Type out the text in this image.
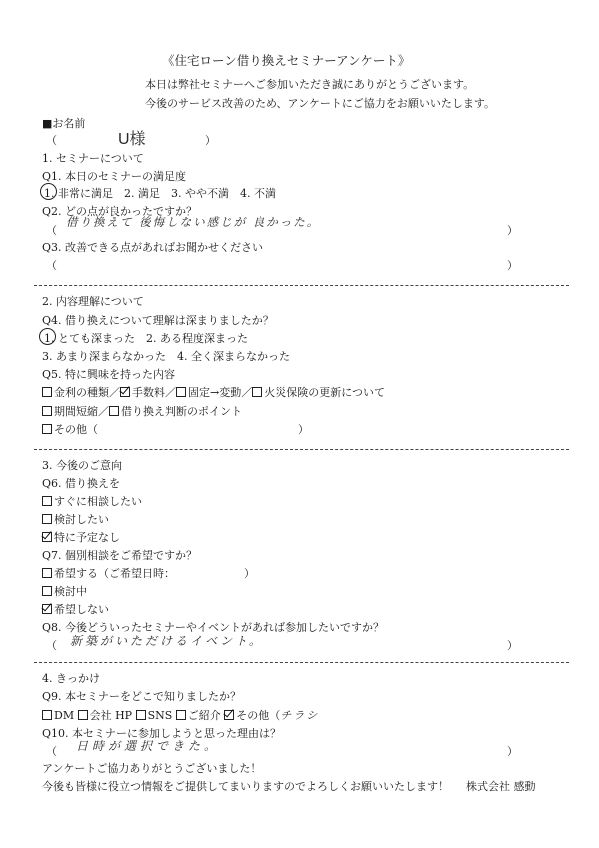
《住宅ローン借り換えセミナーアンケート》
本日は弊社セミナーへご参加いただき誠にありがとうございます。
今後のサービス改善のため、アンケートにご協力をお願いいたします。
■お名前
（	U様	）
1. セミナーについて
Q1. 本日のセミナーの満足度
1. 非常に満足　2. 満足　3. やや不満　4. 不満
Q2. どの点が良かったですか？
（
借り換えて 後悔しない感じが 良かった。
）
Q3. 改善できる点があればお聞かせください
（	）
2. 内容理解について
Q4. 借り換えについて理解は深まりましたか？
1. とても深まった　2. ある程度深まった
3. あまり深まらなかった　4. 全く深まらなかった
Q5. 特に興味を持った内容
金利の種類／ 手数料／ 固定→変動／ 火災保険の更新について
期間短縮／ 借り換え判断のポイント
その他（	）
3. 今後のご意向
Q6. 借り換えを
すぐに相談したい
検討したい
特に予定なし
Q7. 個別相談をご希望ですか？
希望する（ご希望日時：	）
検討中
希望しない
Q8. 今後どういったセミナーやイベントがあれば参加したいですか？
（ 新築がいただけるイベント。	）
4. きっかけ
Q9. 本セミナーをどこで知りましたか？
DM 会社 HP SNS ご紹介 その他（チラシ
Q10. 本セミナーに参加しようと思った理由は？
（ 日時が選択できた。	）
アンケートご協力ありがとうございました！
今後も皆様に役立つ情報をご提供してまいりますのでよろしくお願いいたします！ 株式会社 感動
